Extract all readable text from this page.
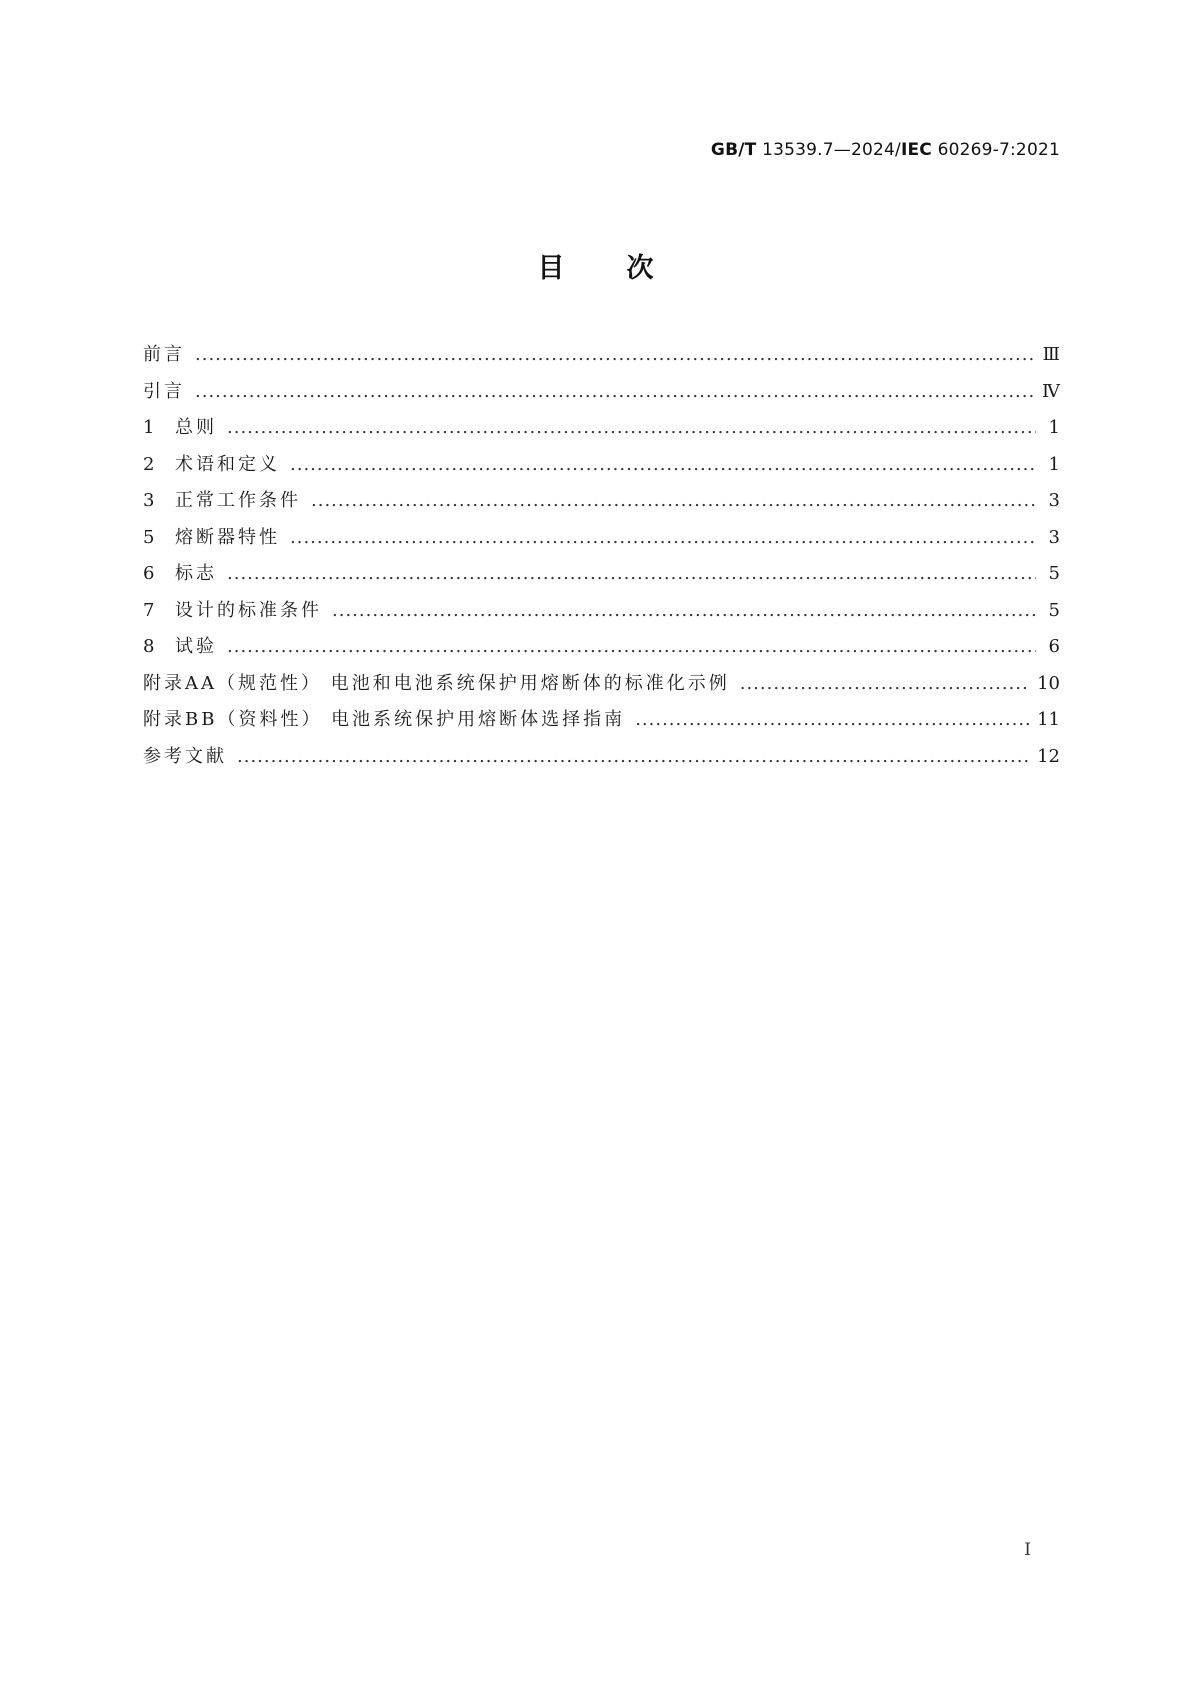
GB/T 13539.7—2024/IEC 60269-7:2021
目次
前言 .....	Ⅲ
引言 .....	Ⅳ
1	总则 .....	1
2	术语和定义 .....	1
3	正常工作条件 .....	3
5	熔断器特性 .....	3
6	标志 .....	5
7	设计的标准条件 .....	5
8	试验 .....	6
附录AA（规范性） 电池和电池系统保护用熔断体的标准化示例 .....	10
附录BB（资料性） 电池系统保护用熔断体选择指南 .....	11
参考文献 .....	12
I
